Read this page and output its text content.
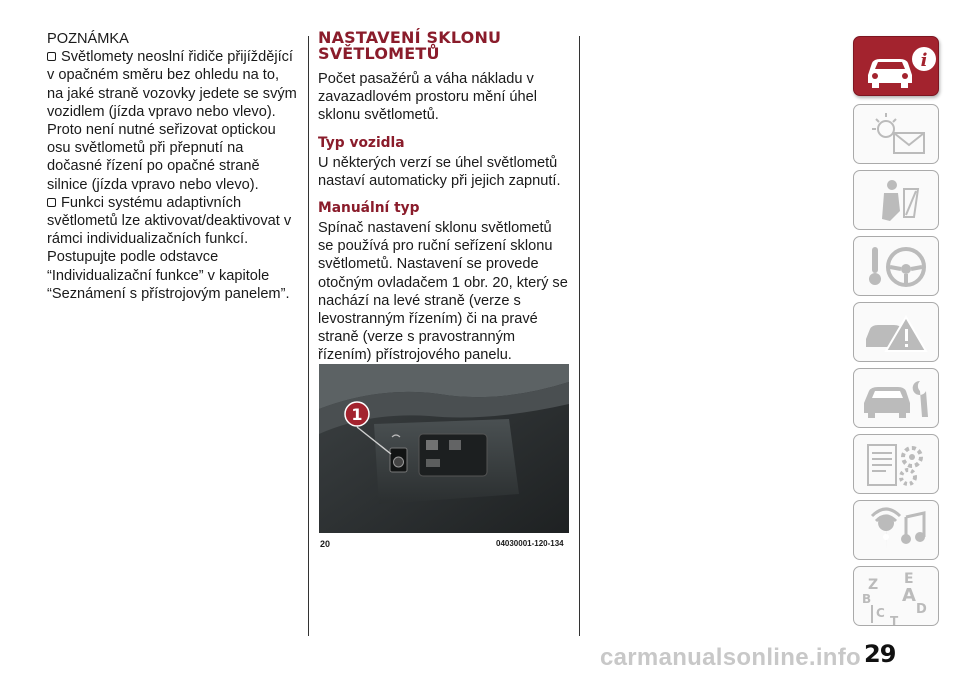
POZNÁMKA

Světlomety neoslní řidiče přijíždějící v opačném směru bez ohledu na to, na jaké straně vozovky jedete se svým vozidlem (jízda vpravo nebo vlevo). Proto není nutné seřizovat optickou osu světlometů při přepnutí na dočasné řízení po opačné straně silnice (jízda vpravo nebo vlevo).

Funkci systému adaptivních světlometů lze aktivovat/deaktivovat v rámci individualizačních funkcí. Postupujte podle odstavce “Individualizační funkce” v kapitole “Seznámení s přístrojovým panelem”.

NASTAVENÍ SKLONU SVĚTLOMETŮ

Počet pasažérů a váha nákladu v zavazadlovém prostoru mění úhel sklonu světlometů.

Typ vozidla

U některých verzí se úhel světlometů nastaví automaticky při jejich zapnutí.

Manuální typ

Spínač nastavení sklonu světlometů se používá pro ruční seřízení sklonu světlometů. Nastavení se provede otočným ovladačem 1 obr. 20, který se nachází na levé straně (verze s levostranným řízením) či na pravé straně (verze s pravostranným řízením) přístrojového panelu.

1
20	04030001-120-134
i
Z E
B A
C D
T
29
carmanualsonline.info
